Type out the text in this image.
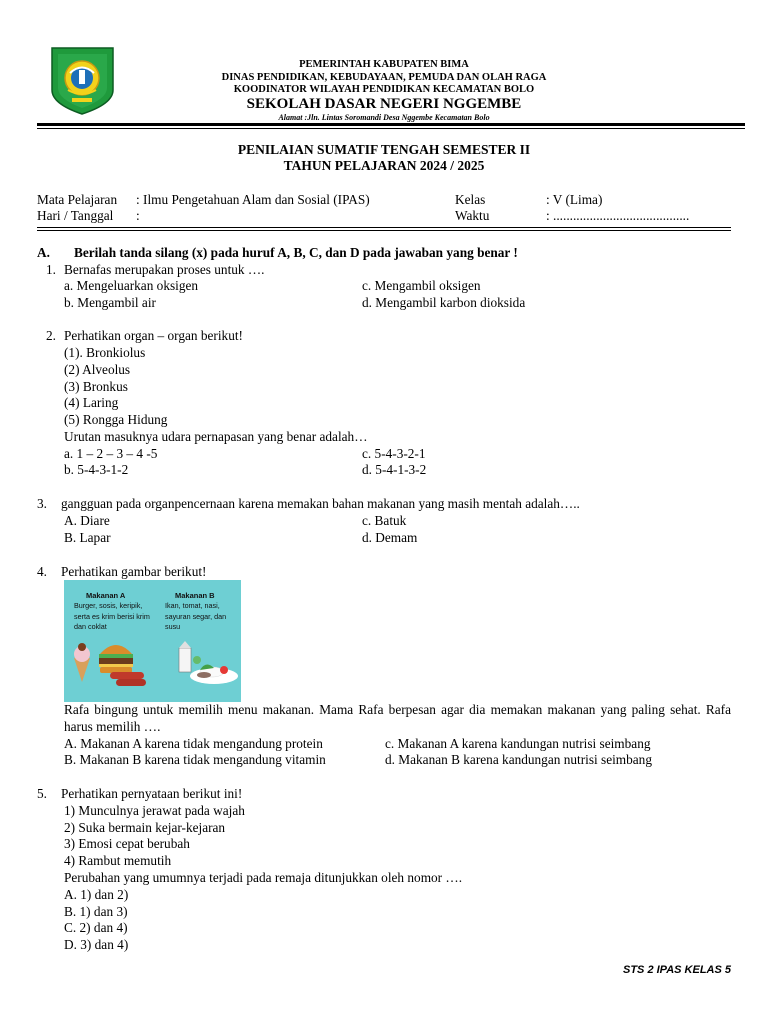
PEMERINTAH KABUPATEN BIMA
DINAS PENDIDIKAN, KEBUDAYAAN, PEMUDA DAN OLAH RAGA
KOODINATOR WILAYAH PENDIDIKAN KECAMATAN BOLO
SEKOLAH DASAR NEGERI NGGEMBE
Alamat :Jln. Lintas Soromandi Desa Nggembe Kecamatan Bolo
PENILAIAN SUMATIF TENGAH SEMESTER II
TAHUN PELAJARAN 2024 / 2025
Mata Pelajaran : Ilmu Pengetahuan Alam dan Sosial (IPAS)
Hari / Tanggal :
Kelas	: V (Lima)
Waktu	: .........................................
A. Berilah tanda silang (x) pada huruf A, B, C, dan D pada jawaban yang benar !
1. Bernafas merupakan proses untuk ….
a. Mengeluarkan oksigen
b. Mengambil air
c. Mengambil oksigen
d. Mengambil karbon dioksida
2. Perhatikan organ – organ berikut!
(1). Bronkiolus
(2) Alveolus
(3) Bronkus
(4) Laring
(5) Rongga Hidung
Urutan masuknya udara pernapasan yang benar adalah…
a. 1 – 2 – 3 – 4 -5
b. 5-4-3-1-2
c. 5-4-3-2-1
d. 5-4-1-3-2
3. gangguan pada organpencernaan karena memakan bahan makanan yang masih mentah adalah…..
A. Diare
B. Lapar
c. Batuk
d. Demam
4. Perhatikan gambar berikut!
Makanan A
Burger, sosis, keripik, serta es krim berisi krim dan coklat
Makanan B
Ikan, tomat, nasi, sayuran segar, dan susu
Rafa bingung untuk memilih menu makanan. Mama Rafa berpesan agar dia memakan makanan yang paling sehat. Rafa harus memilih ….
A. Makanan A karena tidak mengandung protein
B. Makanan B karena tidak mengandung vitamin
c. Makanan A karena kandungan nutrisi seimbang
d. Makanan B karena kandungan nutrisi seimbang
5. Perhatikan pernyataan berikut ini!
1) Munculnya jerawat pada wajah
2) Suka bermain kejar-kejaran
3) Emosi cepat berubah
4) Rambut memutih
Perubahan yang umumnya terjadi pada remaja ditunjukkan oleh nomor ….
A. 1) dan 2)
B. 1) dan 3)
C. 2) dan 4)
D. 3) dan 4)
STS 2 IPAS KELAS 5
